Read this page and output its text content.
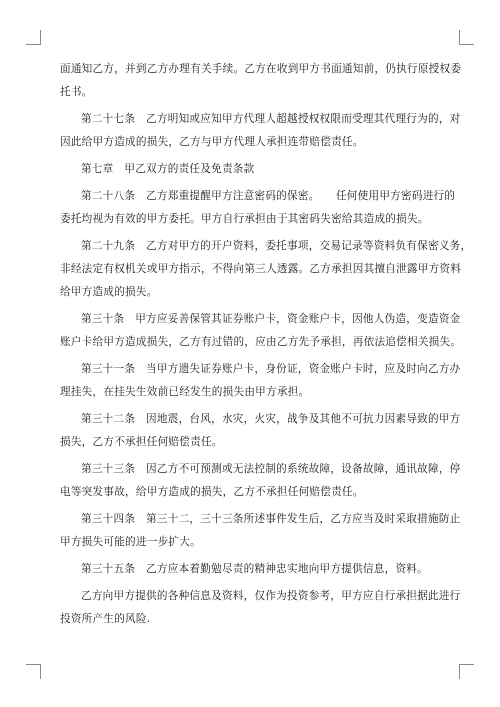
面通知乙方，并到乙方办理有关手续。乙方在收到甲方书面通知前，仍执行原授权委
托书。
第二十七条　乙方明知或应知甲方代理人超越授权权限而受理其代理行为的，对
因此给甲方造成的损失，乙方与甲方代理人承担连带赔偿责任。
第七章　甲乙双方的责任及免责条款
第二十八条　乙方郑重提醒甲方注意密码的保密。　　任何使用甲方密码进行的
委托均视为有效的甲方委托。甲方自行承担由于其密码失密给其造成的损失。
第二十九条　乙方对甲方的开户资料，委托事项，交易记录等资料负有保密义务，
非经法定有权机关或甲方指示，不得向第三人透露。乙方承担因其擅自泄露甲方资料
给甲方造成的损失。
第三十条　甲方应妥善保管其证券账户卡，资金账户卡，因他人伪造，变造资金
账户卡给甲方造成损失，乙方有过错的，应由乙方先予承担，再依法追偿相关损失。
第三十一条　当甲方遗失证券账户卡，身份证，资金账户卡时，应及时向乙方办
理挂失，在挂失生效前已经发生的损失由甲方承担。
第三十二条　因地震，台风，水灾，火灾，战争及其他不可抗力因素导致的甲方
损失，乙方不承担任何赔偿责任。
第三十三条　因乙方不可预测或无法控制的系统故障，设备故障，通讯故障，停
电等突发事故，给甲方造成的损失，乙方不承担任何赔偿责任。
第三十四条　第三十二，三十三条所述事件发生后，乙方应当及时采取措施防止
甲方损失可能的进一步扩大。
第三十五条　乙方应本着勤勉尽责的精神忠实地向甲方提供信息，资料。
乙方向甲方提供的各种信息及资料，仅作为投资参考，甲方应自行承担据此进行
投资所产生的风险.
